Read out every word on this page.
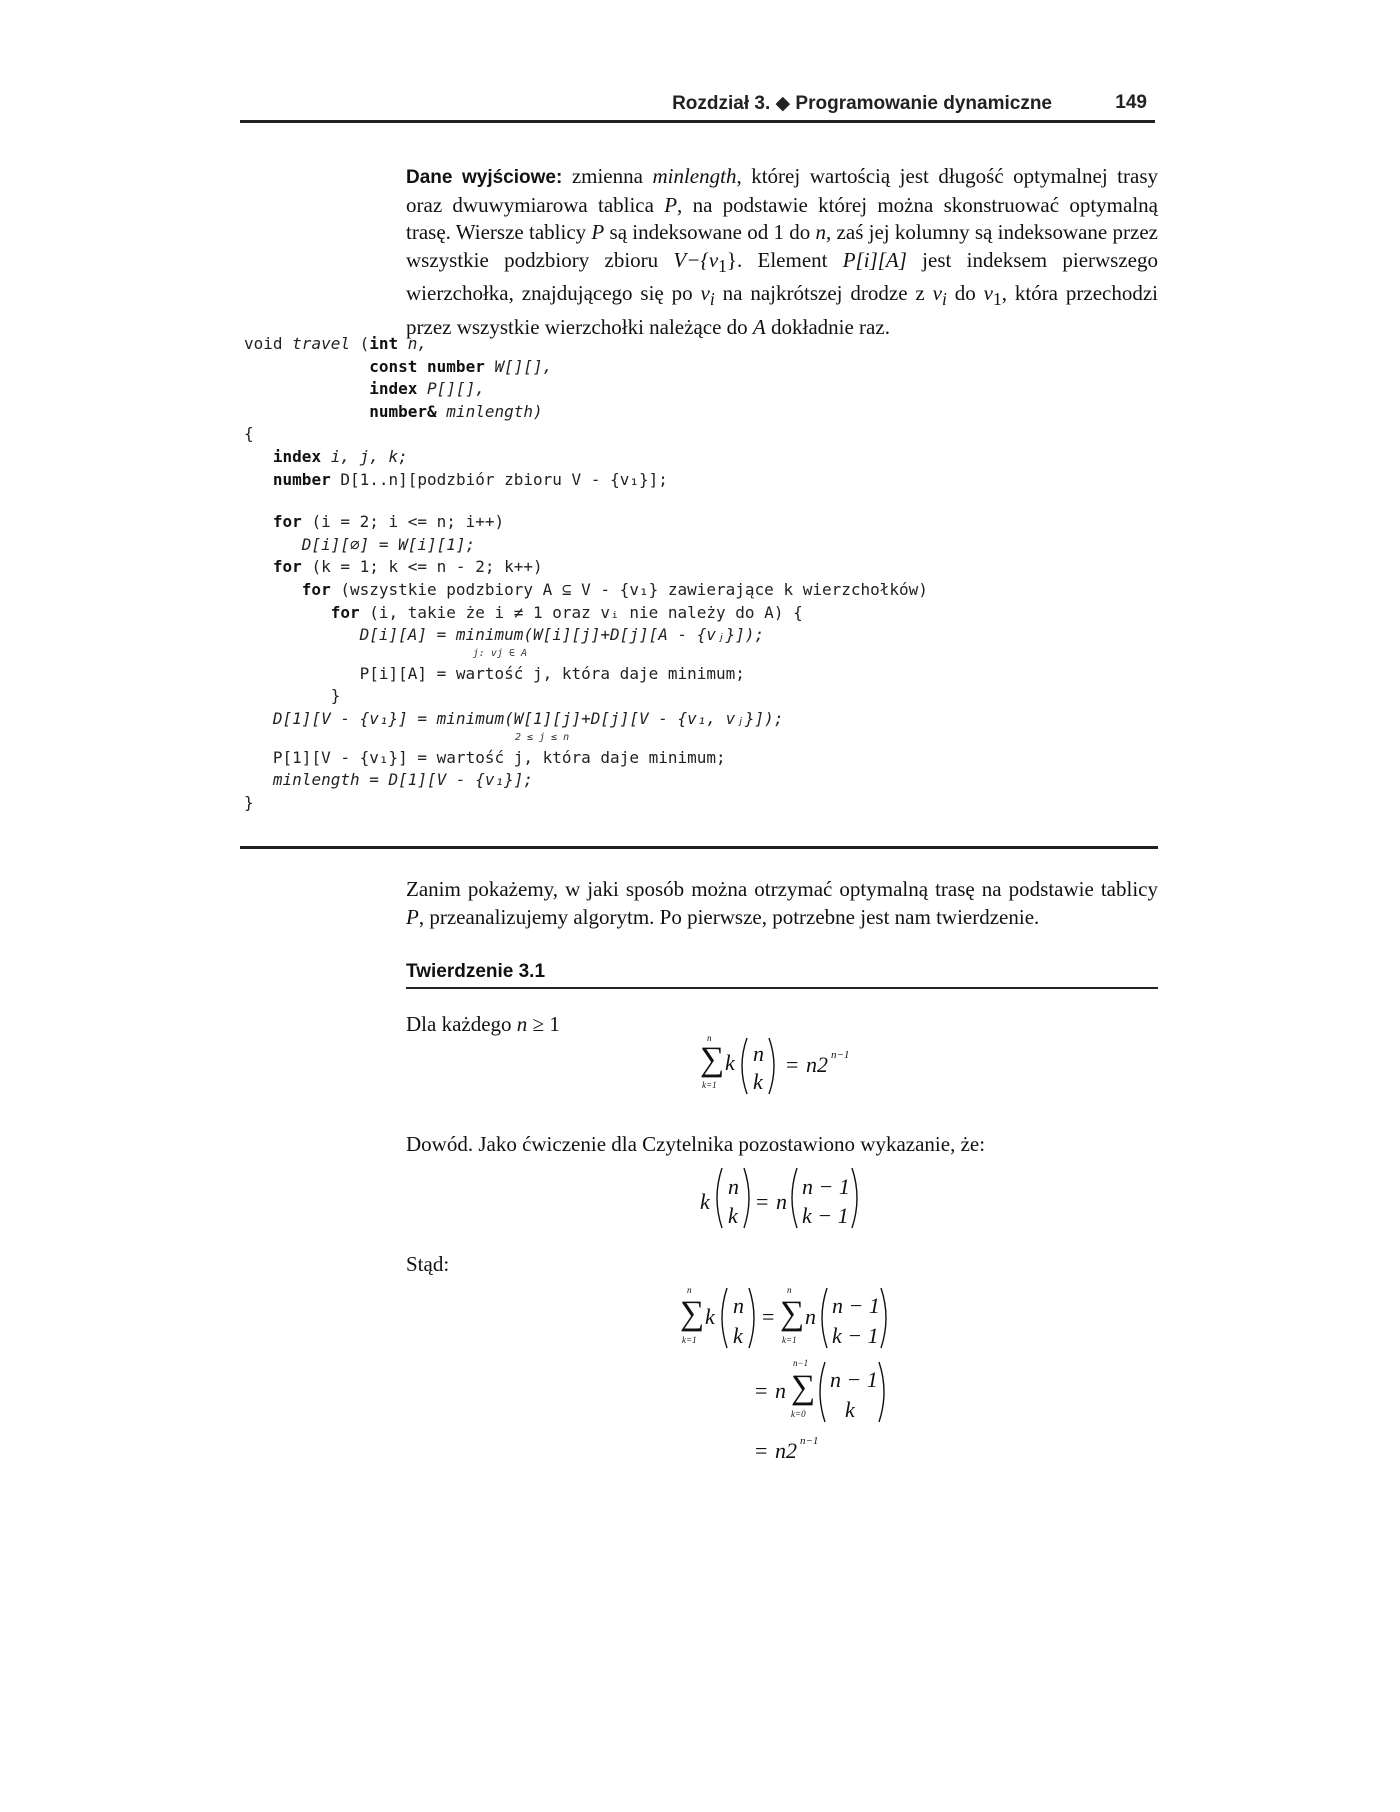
Rozdział 3. ◆ Programowanie dynamiczne	149
Dane wyjściowe: zmienna minlength, której wartością jest długość optymalnej trasy oraz dwuwymiarowa tablica P, na podstawie której można skonstruować optymalną trasę. Wiersze tablicy P są indeksowane od 1 do n, zaś jej kolumny są indeksowane przez wszystkie podzbiory zbioru $V-\{v_1\}$. Element P[i][A] jest indeksem pierwszego wierzchołka, znajdującego się po $v_i$ na najkrótszej drodze z $v_i$ do $v_1$, która przechodzi przez wszystkie wierzchołki należące do A dokładnie raz.
void travel (int n,
const number W[][],
index P[][],
number& minlength)
{
index i, j, k;
number D[1..n][podzbiór zbioru V - {v₁}];
for (i = 2; i <= n; i++)
D[i][∅] = W[i][1];
for (k = 1; k <= n - 2; k++)
for (wszystkie podzbiory A ⊆ V - {v₁} zawierające k wierzchołków)
for (i, takie że i ≠ 1 oraz vᵢ nie należy do A) {
D[i][A] = minimum(W[i][j]+D[j][A - {vⱼ}]);
j: vj ∈ A
P[i][A] = wartość j, która daje minimum;
}
D[1][V - {v₁}] = minimum(W[1][j]+D[j][V - {v₁, vⱼ}]);
2 ≤ j ≤ n
P[1][V - {v₁}] = wartość j, która daje minimum;
minlength = D[1][V - {v₁}];
}
Zanim pokażemy, w jaki sposób można otrzymać optymalną trasę na podstawie tablicy P, przeanalizujemy algorytm. Po pierwsze, potrzebne jest nam twierdzenie.
Twierdzenie 3.1
Dla każdego n ≥ 1
n
∑
k=1
k n
k
= n2 n−1
Dowód. Jako ćwiczenie dla Czytelnika pozostawiono wykazanie, że:
k
n
k
= n
n − 1
k − 1
Stąd:
n
∑
k=1
k n
k
=
n
∑
k=1
n n − 1
k − 1
= n
n−1
∑
k=0
n − 1
k
= n2 n−1
